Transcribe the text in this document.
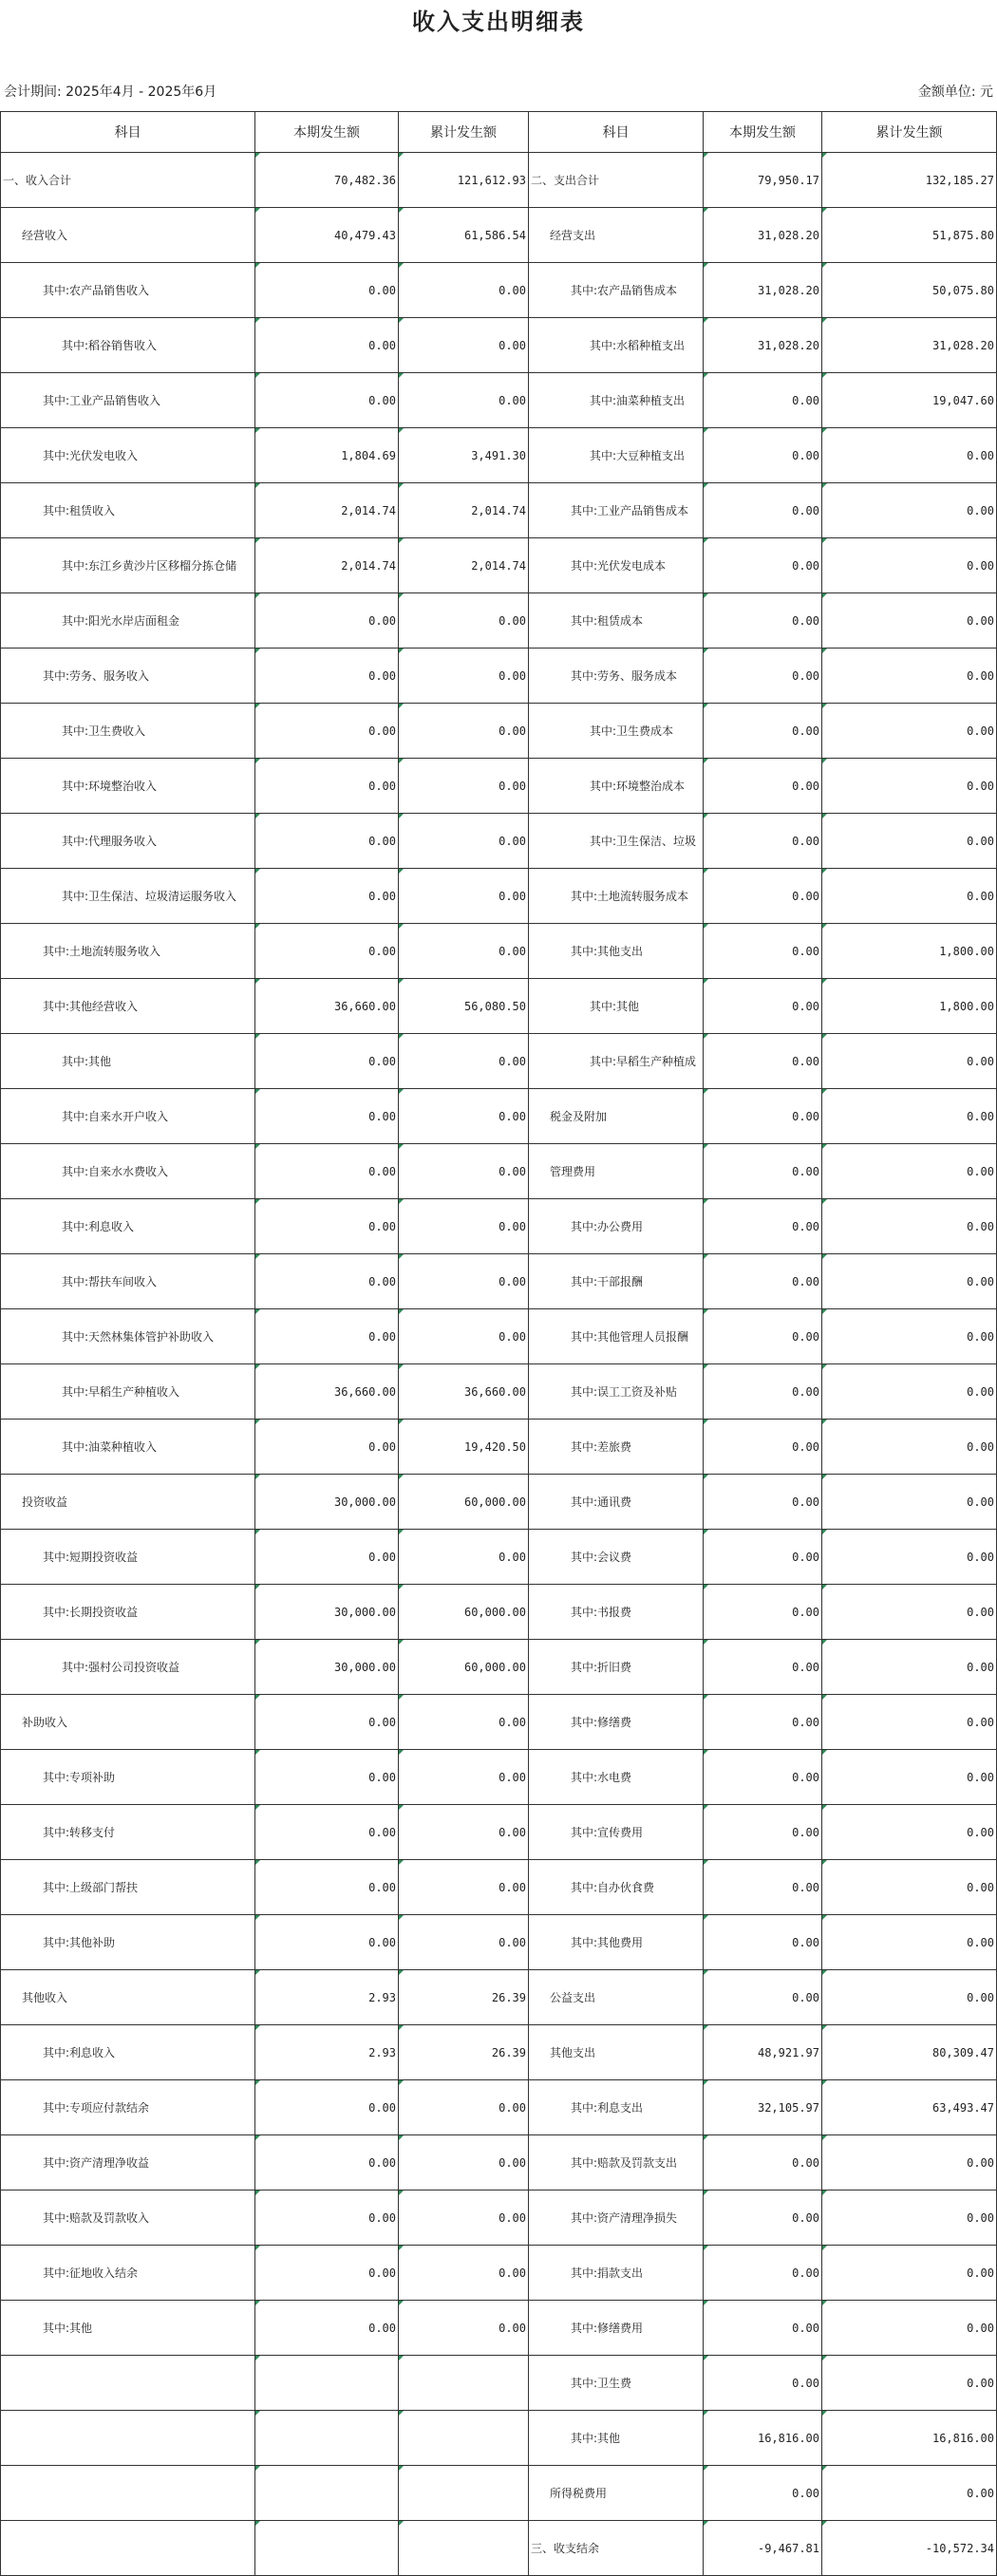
收入支出明细表
会计期间: 2025年4月 - 2025年6月	金额单位: 元
科目	本期发生额	累计发生额	科目	本期发生额	累计发生额
一、收入合计	70,482.36	121,612.93	二、支出合计	79,950.17	132,185.27
经营收入	40,479.43	61,586.54	经营支出	31,028.20	51,875.80
其中:农产品销售收入	0.00	0.00	其中:农产品销售成本	31,028.20	50,075.80
其中:稻谷销售收入	0.00	0.00	其中:水稻种植支出	31,028.20	31,028.20
其中:工业产品销售收入	0.00	0.00	其中:油菜种植支出	0.00	19,047.60
其中:光伏发电收入	1,804.69	3,491.30	其中:大豆种植支出	0.00	0.00
其中:租赁收入	2,014.74	2,014.74	其中:工业产品销售成本	0.00	0.00
其中:东江乡黄沙片区移榴分拣仓储	2,014.74	2,014.74	其中:光伏发电成本	0.00	0.00
其中:阳光水岸店面租金	0.00	0.00	其中:租赁成本	0.00	0.00
其中:劳务、服务收入	0.00	0.00	其中:劳务、服务成本	0.00	0.00
其中:卫生费收入	0.00	0.00	其中:卫生费成本	0.00	0.00
其中:环境整治收入	0.00	0.00	其中:环境整治成本	0.00	0.00
其中:代理服务收入	0.00	0.00	其中:卫生保洁、垃圾	0.00	0.00
其中:卫生保洁、垃圾清运服务收入	0.00	0.00	其中:土地流转服务成本	0.00	0.00
其中:土地流转服务收入	0.00	0.00	其中:其他支出	0.00	1,800.00
其中:其他经营收入	36,660.00	56,080.50	其中:其他	0.00	1,800.00
其中:其他	0.00	0.00	其中:早稻生产种植成	0.00	0.00
其中:自来水开户收入	0.00	0.00	税金及附加	0.00	0.00
其中:自来水水费收入	0.00	0.00	管理费用	0.00	0.00
其中:利息收入	0.00	0.00	其中:办公费用	0.00	0.00
其中:帮扶车间收入	0.00	0.00	其中:干部报酬	0.00	0.00
其中:天然林集体管护补助收入	0.00	0.00	其中:其他管理人员报酬	0.00	0.00
其中:早稻生产种植收入	36,660.00	36,660.00	其中:误工工资及补贴	0.00	0.00
其中:油菜种植收入	0.00	19,420.50	其中:差旅费	0.00	0.00
投资收益	30,000.00	60,000.00	其中:通讯费	0.00	0.00
其中:短期投资收益	0.00	0.00	其中:会议费	0.00	0.00
其中:长期投资收益	30,000.00	60,000.00	其中:书报费	0.00	0.00
其中:强村公司投资收益	30,000.00	60,000.00	其中:折旧费	0.00	0.00
补助收入	0.00	0.00	其中:修缮费	0.00	0.00
其中:专项补助	0.00	0.00	其中:水电费	0.00	0.00
其中:转移支付	0.00	0.00	其中:宣传费用	0.00	0.00
其中:上级部门帮扶	0.00	0.00	其中:自办伙食费	0.00	0.00
其中:其他补助	0.00	0.00	其中:其他费用	0.00	0.00
其他收入	2.93	26.39	公益支出	0.00	0.00
其中:利息收入	2.93	26.39	其他支出	48,921.97	80,309.47
其中:专项应付款结余	0.00	0.00	其中:利息支出	32,105.97	63,493.47
其中:资产清理净收益	0.00	0.00	其中:赔款及罚款支出	0.00	0.00
其中:赔款及罚款收入	0.00	0.00	其中:资产清理净损失	0.00	0.00
其中:征地收入结余	0.00	0.00	其中:捐款支出	0.00	0.00
其中:其他	0.00	0.00	其中:修缮费用	0.00	0.00
			其中:卫生费	0.00	0.00
			其中:其他	16,816.00	16,816.00
			所得税费用	0.00	0.00
			三、收支结余	-9,467.81	-10,572.34
